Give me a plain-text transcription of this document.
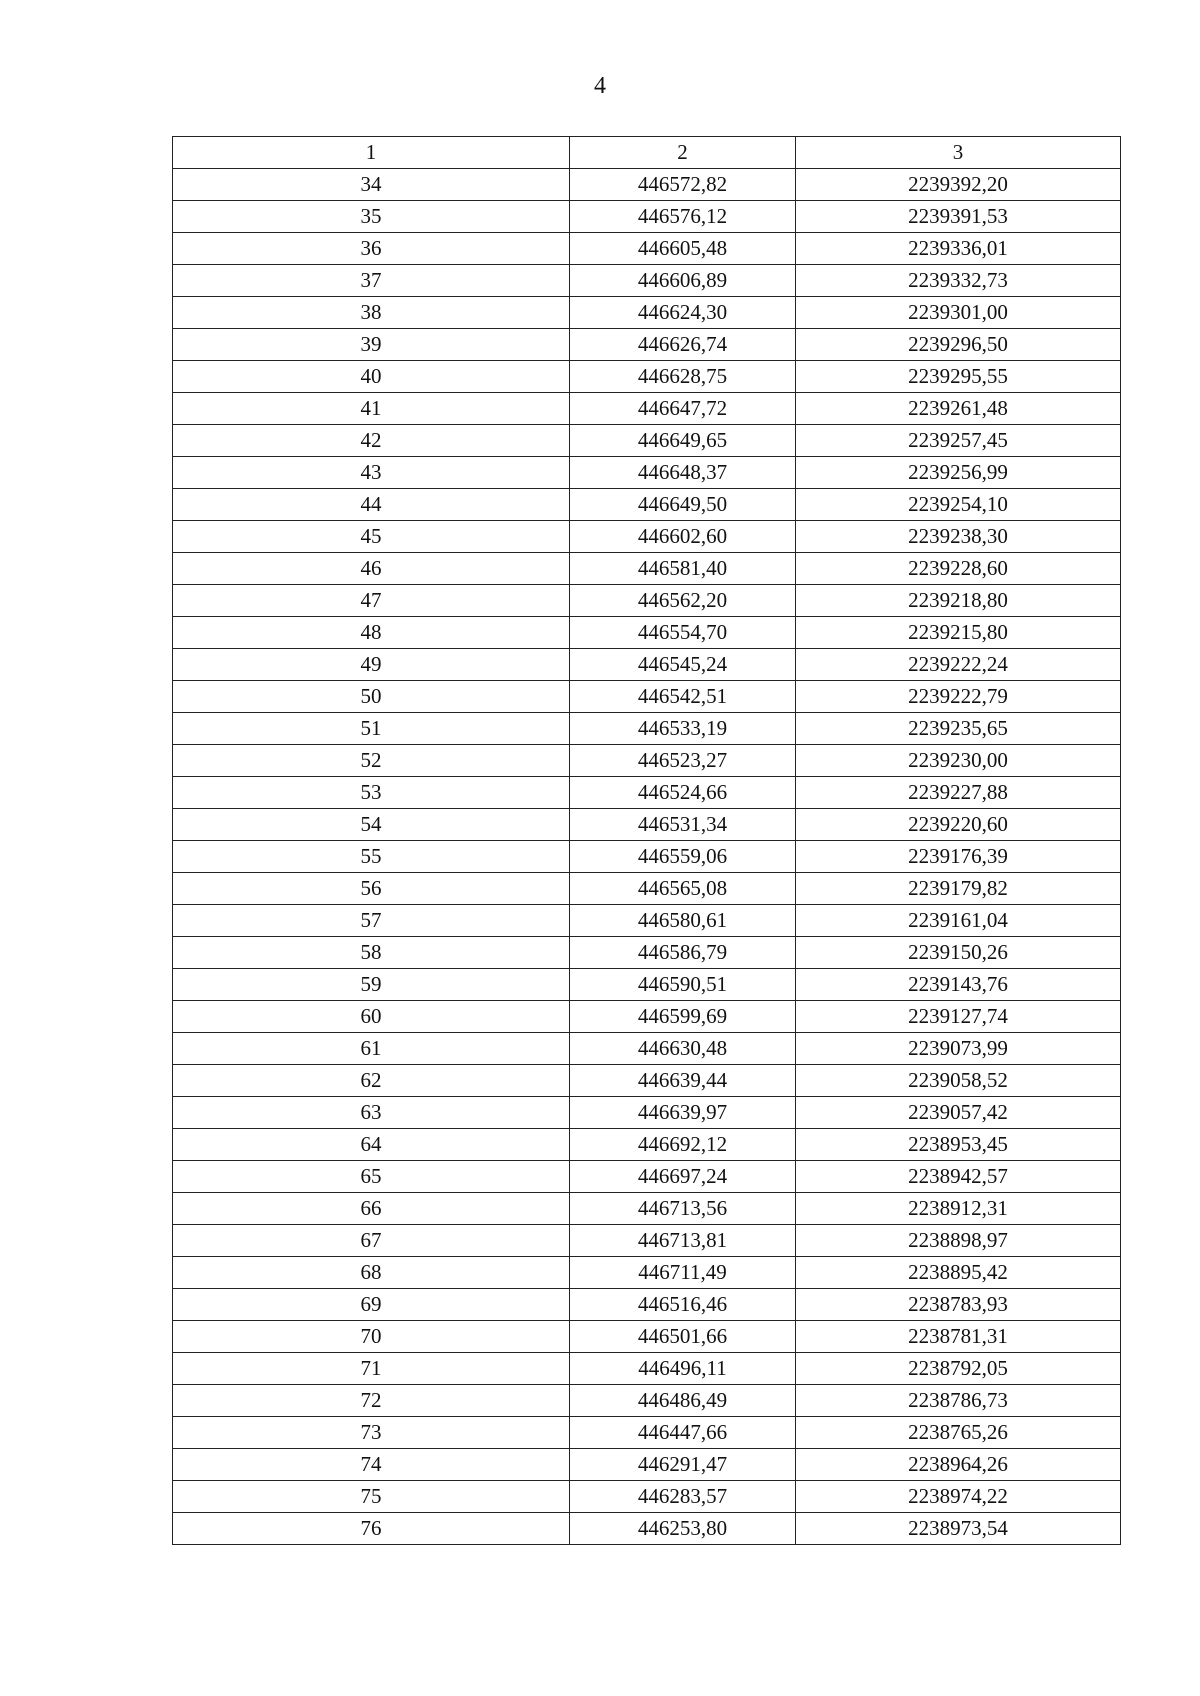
4
1	2	3
34	446572,82	2239392,20
35	446576,12	2239391,53
36	446605,48	2239336,01
37	446606,89	2239332,73
38	446624,30	2239301,00
39	446626,74	2239296,50
40	446628,75	2239295,55
41	446647,72	2239261,48
42	446649,65	2239257,45
43	446648,37	2239256,99
44	446649,50	2239254,10
45	446602,60	2239238,30
46	446581,40	2239228,60
47	446562,20	2239218,80
48	446554,70	2239215,80
49	446545,24	2239222,24
50	446542,51	2239222,79
51	446533,19	2239235,65
52	446523,27	2239230,00
53	446524,66	2239227,88
54	446531,34	2239220,60
55	446559,06	2239176,39
56	446565,08	2239179,82
57	446580,61	2239161,04
58	446586,79	2239150,26
59	446590,51	2239143,76
60	446599,69	2239127,74
61	446630,48	2239073,99
62	446639,44	2239058,52
63	446639,97	2239057,42
64	446692,12	2238953,45
65	446697,24	2238942,57
66	446713,56	2238912,31
67	446713,81	2238898,97
68	446711,49	2238895,42
69	446516,46	2238783,93
70	446501,66	2238781,31
71	446496,11	2238792,05
72	446486,49	2238786,73
73	446447,66	2238765,26
74	446291,47	2238964,26
75	446283,57	2238974,22
76	446253,80	2238973,54
